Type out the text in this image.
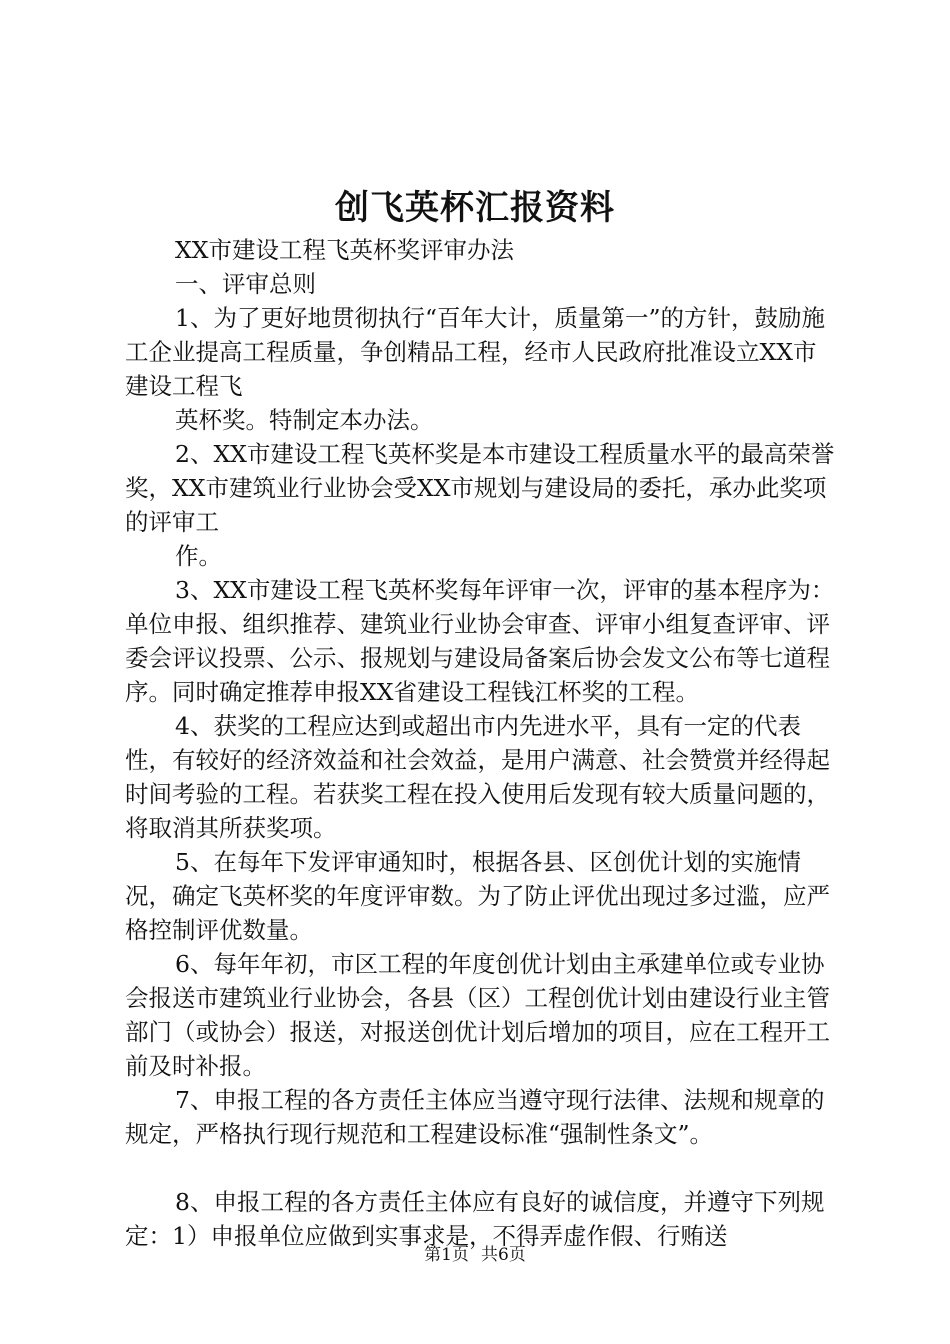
创飞英杯汇报资料

XX市建设工程飞英杯奖评审办法

一、评审总则

1、为了更好地贯彻执行“百年大计，质量第一”的方针，鼓励施工企业提高工程质量，争创精品工程，经市人民政府批准设立XX市建设工程飞

英杯奖。特制定本办法。

2、XX市建设工程飞英杯奖是本市建设工程质量水平的最高荣誉奖，XX市建筑业行业协会受XX市规划与建设局的委托，承办此奖项的评审工

作。

3、XX市建设工程飞英杯奖每年评审一次，评审的基本程序为：单位申报、组织推荐、建筑业行业协会审查、评审小组复查评审、评委会评议投票、公示、报规划与建设局备案后协会发文公布等七道程序。同时确定推荐申报XX省建设工程钱江杯奖的工程。

4、获奖的工程应达到或超出市内先进水平，具有一定的代表性，有较好的经济效益和社会效益，是用户满意、社会赞赏并经得起时间考验的工程。若获奖工程在投入使用后发现有较大质量问题的，将取消其所获奖项。

5、在每年下发评审通知时，根据各县、区创优计划的实施情况，确定飞英杯奖的年度评审数。为了防止评优出现过多过滥，应严格控制评优数量。

6、每年年初，市区工程的年度创优计划由主承建单位或专业协会报送市建筑业行业协会，各县（区）工程创优计划由建设行业主管部门（或协会）报送，对报送创优计划后增加的项目，应在工程开工前及时补报。

7、申报工程的各方责任主体应当遵守现行法律、法规和规章的规定，严格执行现行规范和工程建设标准“强制性条文”。

8、申报工程的各方责任主体应有良好的诚信度，并遵守下列规定：1）申报单位应做到实事求是，不得弄虚作假、行贿送

第1页 共6页
